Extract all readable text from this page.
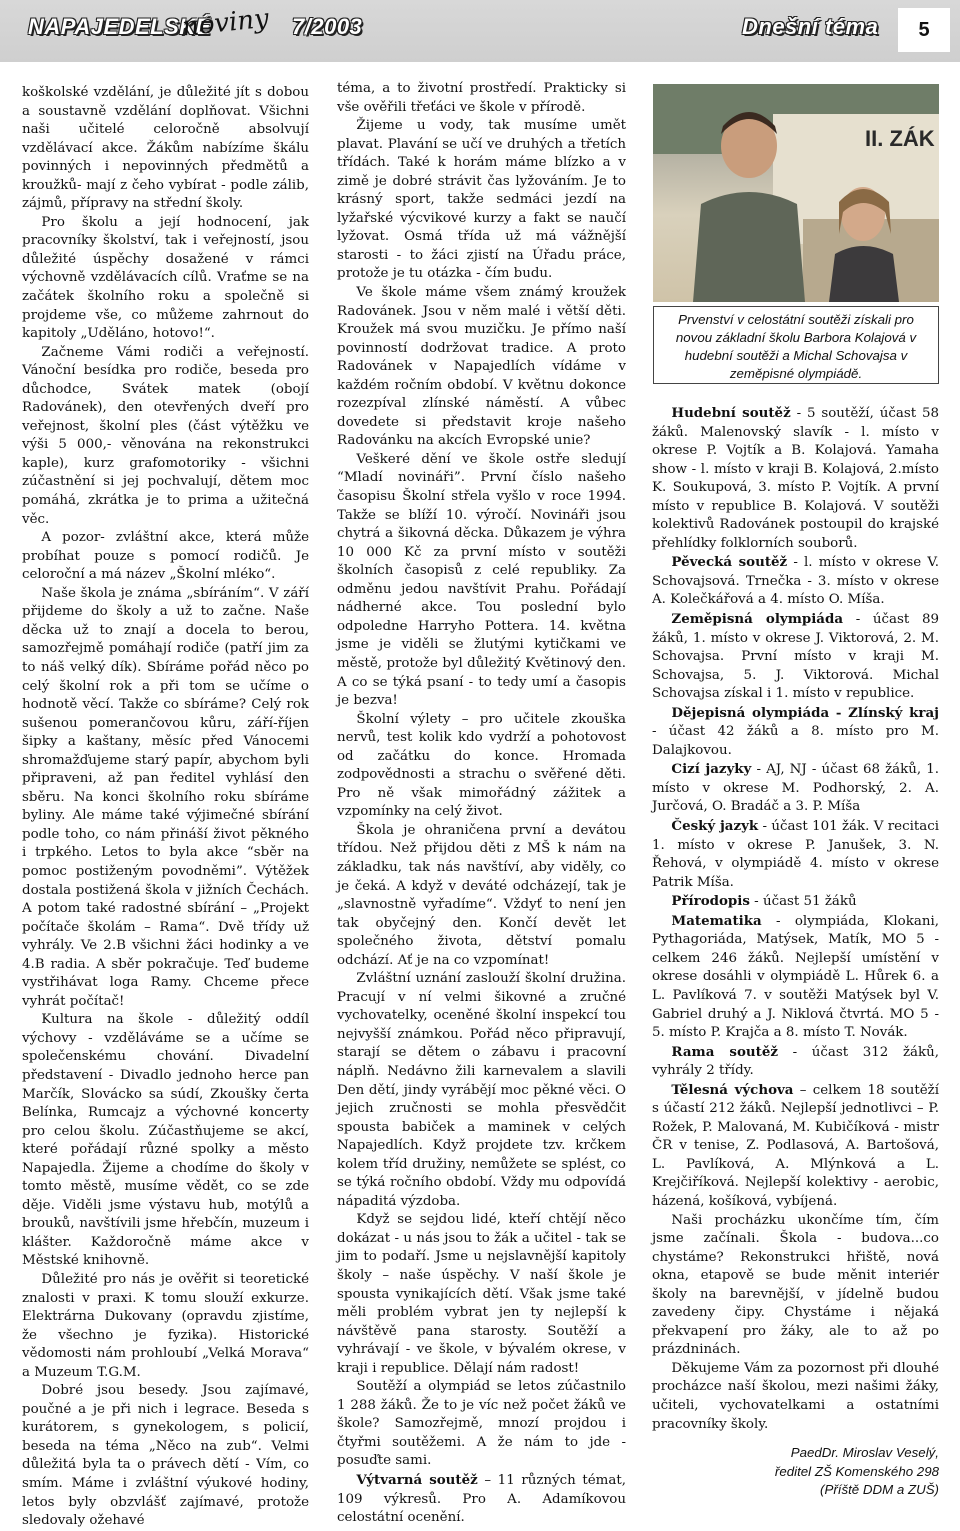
NAPAJEDELSKÉ
noviny 7/2003	Dnešní téma	5

koškolské vzdělání, je důležité jít s dobou a soustavně vzdělání doplňovat. Všichni naši učitelé celoročně absolvují vzdělávací akce. Žákům nabízíme škálu povinných i nepovinných předmětů a kroužků- mají z čeho vybírat - podle zálib, zájmů, přípravy na střední školy.

Pro školu a její hodnocení, jak pracovníky školství, tak i veřejností, jsou důležité úspěchy dosažené v rámci výchovně vzdělávacích cílů. Vraťme se na začátek školního roku a společně si projdeme vše, co můžeme zahrnout do kapitoly „Uděláno, hotovo!“.

Začneme Vámi rodiči a veřejností. Vánoční besídka pro rodiče, beseda pro důchodce, Svátek matek (obojí Radovánek), den otevřených dveří pro veřejnost, školní ples (část výtěžku ve výši 5 000,- věnována na rekonstrukci kaple), kurz grafomotoriky - všichni zúčastnění si jej pochvalují, dětem moc pomáhá, zkrátka je to prima a užitečná věc.

A pozor- zvláštní akce, která může probíhat pouze s pomocí rodičů. Je celoroční a má název „Školní mléko“.

Naše škola je známa „sbíráním“. V září přijdeme do školy a už to začne. Naše děcka už to znají a docela to berou, samozřejmě pomáhají rodiče (patří jim za to náš velký dík). Sbíráme pořád něco po celý školní rok a při tom se učíme o hodnotě věcí. Takže co sbíráme? Celý rok sušenou pomerančovou kůru, září-říjen šipky a kaštany, měsíc před Vánocemi shromažďujeme starý papír, abychom byli připraveni, až pan ředitel vyhlásí den sběru. Na konci školního roku sbíráme byliny. Ale máme také výjimečné sbírání podle toho, co nám přináší život pěkného i trpkého. Letos to byla akce “sběr na pomoc postiženým povodněmi”. Výtěžek dostala postižená škola v jižních Čechách. A potom také radostné sbírání – „Projekt počítače školám – Rama“. Dvě třídy už vyhrály. Ve 2.B všichni žáci hodinky a ve 4.B radia. A sběr pokračuje. Teď budeme vystřihávat loga Ramy. Chceme přece vyhrát počítač!

Kultura na škole - důležitý oddíl výchovy - vzděláváme se a učíme se společenskému chování. Divadelní představení - Divadlo jednoho herce pan Marčík, Slovácko sa súdí, Zkoušky čerta Belínka, Rumcajz a výchovné koncerty pro celou školu. Zúčastňujeme se akcí, které pořádají různé spolky a město Napajedla. Žijeme a chodíme do školy v tomto městě, musíme vědět, co se zde děje. Viděli jsme výstavu hub, motýlů a brouků, navštívili jsme hřebčín, muzeum i klášter. Každoročně máme akce v Městské knihovně.

Důležité pro nás je ověřit si teoretické znalosti v praxi. K tomu slouží exkurze. Elektrárna Dukovany (opravdu zjistíme, že všechno je fyzika). Historické vědomosti nám prohloubí „Velká Morava“ a Muzeum T.G.M.

Dobré jsou besedy. Jsou zajímavé, poučné a je při nich i legrace. Beseda s kurátorem, s gynekologem, s policií, beseda na téma „Něco na zub“. Velmi důležitá byla ta o právech dětí - Vím, co smím. Máme i zvláštní výukové hodiny, letos byly obzvlášť zajímavé, protože sledovaly ožehavé

téma, a to životní prostředí. Prakticky si vše ověřili třeťáci ve škole v přírodě.

Žijeme u vody, tak musíme umět plavat. Plavání se učí ve druhých a třetích třídách. Také k horám máme blízko a v zimě je dobré strávit čas lyžováním. Je to krásný sport, takže sedmáci jezdí na lyžařské výcvikové kurzy a fakt se naučí lyžovat. Osmá třída už má vážnější starosti - to žáci zjistí na Úřadu práce, protože je tu otázka - čím budu.

Ve škole máme všem známý kroužek Radovánek. Jsou v něm malé i větší děti. Kroužek má svou muzičku. Je přímo naší povinností dodržovat tradice. A proto Radovánek v Napajedlích vídáme v každém ročním období. V květnu dokonce rozezpíval zlínské náměstí. A vůbec dovedete si představit kroje našeho Radovánku na akcích Evropské unie?

Veškeré dění ve škole ostře sledují “Mladí novináři”. První číslo našeho časopisu Školní střela vyšlo v roce 1994. Takže se blíží 10. výročí. Novináři jsou chytrá a šikovná děcka. Důkazem je výhra 10 000 Kč za první místo v soutěži školních časopisů z celé republiky. Za odměnu jedou navštívit Prahu. Pořádají nádherné akce. Tou poslední bylo odpoledne Harryho Pottera. 14. května jsme je viděli se žlutými kytičkami ve městě, protože byl důležitý Květinový den. A co se týká psaní - to tedy umí a časopis je bezva!

Školní výlety – pro učitele zkouška nervů, test kolik kdo vydrží a pohotovost od začátku do konce. Hromada zodpovědnosti a strachu o svěřené děti. Pro ně však mimořádný zážitek a vzpomínky na celý život.

Škola je ohraničena první a devátou třídou. Než přijdou děti z MŠ k nám na základku, tak nás navštíví, aby viděly, co je čeká. A když v deváté odcházejí, tak je „slavnostně vyřadíme“. Vždyť to není jen tak obyčejný den. Končí devět let společného života, dětství pomalu odchází. Ať je na co vzpomínat!

Zvláštní uznání zaslouží školní družina. Pracují v ní velmi šikovné a zručné vychovatelky, oceněné školní inspekcí tou nejvyšší známkou. Pořád něco připravují, starají se dětem o zábavu i pracovní náplň. Nedávno žili karnevalem a slavili Den dětí, jindy vyrábějí moc pěkné věci. O jejich zručnosti se mohla přesvědčit spousta babiček a maminek v celých Napajedlích. Když projdete tzv. krčkem kolem tříd družiny, nemůžete se splést, co se týká ročního období. Vždy mu odpovídá nápaditá výzdoba.

Když se sejdou lidé, kteří chtějí něco dokázat - u nás jsou to žák a učitel - tak se jim to podaří. Jsme u nejslavnější kapitoly školy – naše úspěchy. V naší škole je spousta vynikajících dětí. Však jsme také měli problém vybrat jen ty nejlepší k návštěvě pana starosty. Soutěží a vyhrávají - ve škole, v bývalém okrese, v kraji i republice. Dělají nám radost!

Soutěží a olympiád se letos zúčastnilo 1 288 žáků. Že to je víc než počet žáků ve škole? Samozřejmě, mnozí projdou i čtyřmi soutěžemi. A že nám to jde - posuďte sami.

Výtvarná soutěž – 11 různých témat, 109 výkresů. Pro A. Adamíkovou celostátní ocenění.

II. ZÁK
Prvenství v celostátní soutěži získali pro novou základní školu Barbora Kolajová v hudební soutěži a Michal Schovajsa v zeměpisné olympiádě.

Hudební soutěž - 5 soutěží, účast 58 žáků. Malenovský slavík - l. místo v okrese P. Vojtík a B. Kolajová. Yamaha show - l. místo v kraji B. Kolajová, 2.místo K. Soukupová, 3. místo P. Vojtík. A první místo v republice B. Kolajová. V soutěži kolektivů Radovánek postoupil do krajské přehlídky folklorních souborů.

Pěvecká soutěž - l. místo v okrese V. Schovajsová. Trnečka - 3. místo v okrese A. Kolečkářová a 4. místo O. Míša.

Zeměpisná olympiáda - účast 89 žáků, 1. místo v okrese J. Viktorová, 2. M. Schovajsa. První místo v kraji M. Schovajsa, 5. J. Viktorová. Michal Schovajsa získal i 1. místo v republice.

Dějepisná olympiáda - Zlínský kraj - účast 42 žáků a 8. místo pro M. Dalajkovou.

Cizí jazyky - AJ, NJ - účast 68 žáků, 1. místo v okrese M. Podhorský, 2. A. Jurčová, O. Bradáč a 3. P. Míša

Český jazyk - účast 101 žák. V recitaci 1. místo v okrese P. Janušek, 3. N. Řehová, v olympiádě 4. místo v okrese Patrik Míša.

Přírodopis - účast 51 žáků

Matematika - olympiáda, Klokani, Pythagoriáda, Matýsek, Matík, MO 5 - celkem 246 žáků. Nejlepší umístění v okrese dosáhli v olympiádě L. Hůrek 6. a L. Pavlíková 7. v soutěži Matýsek byl V. Gabriel druhý a J. Niklová čtvrtá. MO 5 - 5. místo P. Krajča a 8. místo T. Novák.

Rama soutěž - účast 312 žáků, vyhrály 2 třídy.

Tělesná výchova – celkem 18 soutěží s účastí 212 žáků. Nejlepší jednotlivci – P. Rožek, P. Malovaná, M. Kubičíková - mistr ČR v tenise, Z. Podlasová, A. Bartošová, L. Pavlíková, A. Mlýnková a L. Krejčiříková. Nejlepší kolektivy - aerobic, házená, košíková, vybíjená.

Naši procházku ukončíme tím, čím jsme začínali. Škola - budova...co chystáme? Rekonstrukci hřiště, nová okna, etapově se bude měnit interiér školy na barevnější, v jídelně budou zavedeny čipy. Chystáme i nějaká překvapení pro žáky, ale to až po prázdninách.

Děkujeme Vám za pozornost při dlouhé procházce naší školou, mezi našimi žáky, učiteli, vychovatelkami a ostatními pracovníky školy.

PaedDr. Miroslav Veselý,
ředitel ZŠ Komenského 298
(Příště DDM a ZUŠ)
